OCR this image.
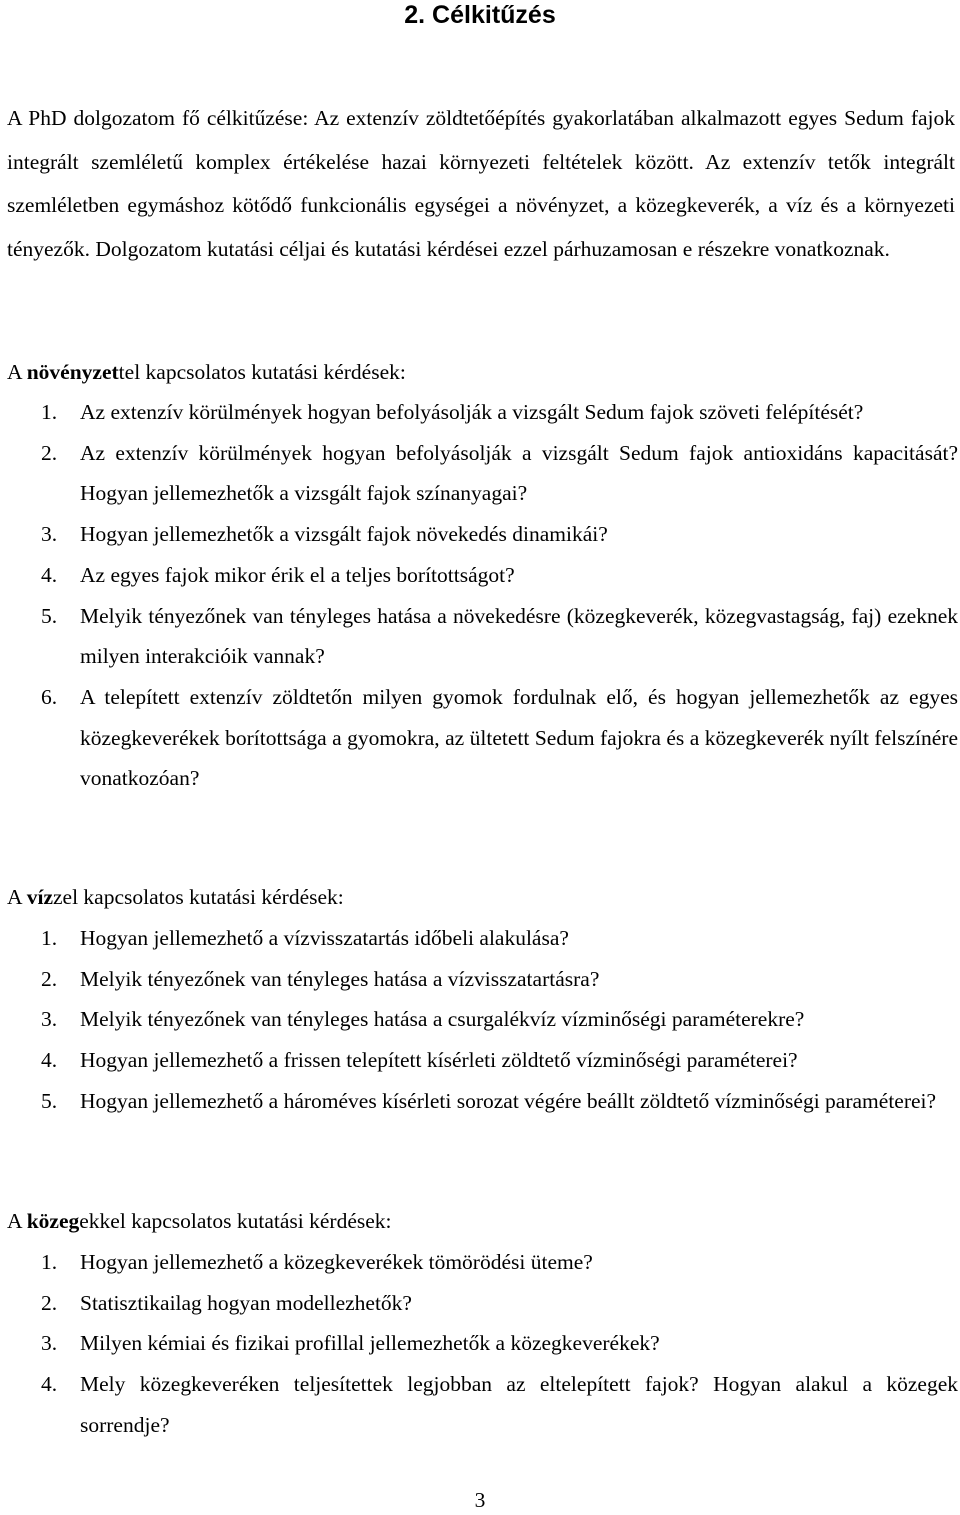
2. Célkitűzés

A PhD dolgozatom fő célkitűzése: Az extenzív zöldtetőépítés gyakorlatában alkalmazott egyes Sedum fajok integrált szemléletű komplex értékelése hazai környezeti feltételek között. Az extenzív tetők integrált szemléletben egymáshoz kötődő funkcionális egységei a növényzet, a közegkeverék, a víz és a környezeti tényezők. Dolgozatom kutatási céljai és kutatási kérdései ezzel párhuzamosan e részekre vonatkoznak.

A növényzettel kapcsolatos kutatási kérdések:

1. Az extenzív körülmények hogyan befolyásolják a vizsgált Sedum fajok szöveti felépítését?
2. Az extenzív körülmények hogyan befolyásolják a vizsgált Sedum fajok antioxidáns kapacitását? Hogyan jellemezhetők a vizsgált fajok színanyagai?
3. Hogyan jellemezhetők a vizsgált fajok növekedés dinamikái?
4. Az egyes fajok mikor érik el a teljes borítottságot?
5. Melyik tényezőnek van tényleges hatása a növekedésre (közegkeverék, közegvastagság, faj) ezeknek milyen interakcióik vannak?
6. A telepített extenzív zöldtetőn milyen gyomok fordulnak elő, és hogyan jellemezhetők az egyes közegkeverékek borítottsága a gyomokra, az ültetett Sedum fajokra és a közegkeverék nyílt felszínére vonatkozóan?

A vízzel kapcsolatos kutatási kérdések:

1. Hogyan jellemezhető a vízvisszatartás időbeli alakulása?
2. Melyik tényezőnek van tényleges hatása a vízvisszatartásra?
3. Melyik tényezőnek van tényleges hatása a csurgalékvíz vízminőségi paraméterekre?
4. Hogyan jellemezhető a frissen telepített kísérleti zöldtető vízminőségi paraméterei?
5. Hogyan jellemezhető a hároméves kísérleti sorozat végére beállt zöldtető vízminőségi paraméterei?

A közegekkel kapcsolatos kutatási kérdések:

1. Hogyan jellemezhető a közegkeverékek tömörödési üteme?
2. Statisztikailag hogyan modellezhetők?
3. Milyen kémiai és fizikai profillal jellemezhetők a közegkeverékek?
4. Mely közegkeveréken teljesítettek legjobban az eltelepített fajok? Hogyan alakul a közegek sorrendje?
3
